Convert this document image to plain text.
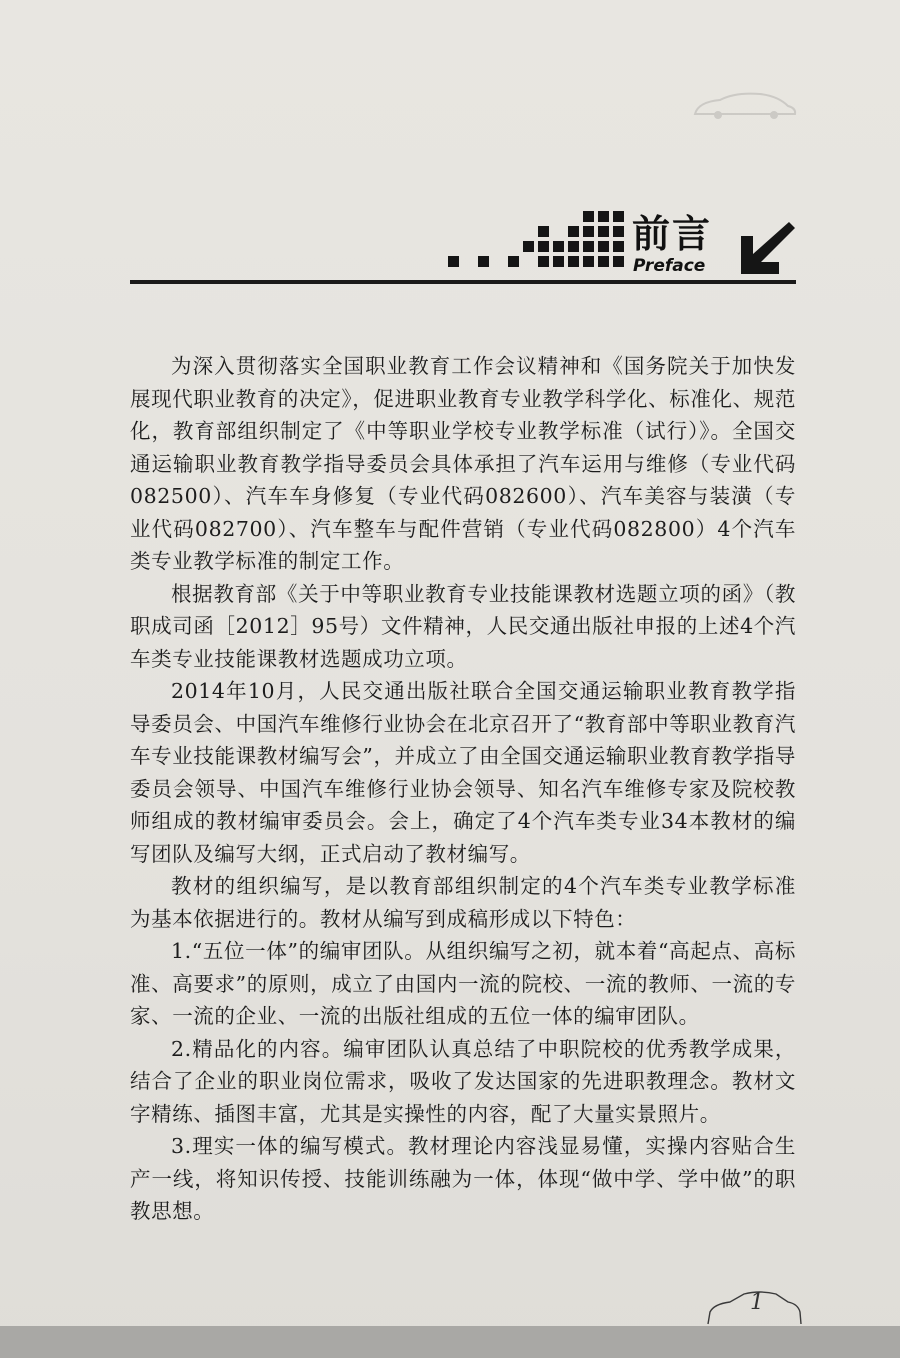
前言
Preface

为深入贯彻落实全国职业教育工作会议精神和《国务院关于加快发展现代职业教育的决定》，促进职业教育专业教学科学化、标准化、规范化，教育部组织制定了《中等职业学校专业教学标准（试行）》。全国交通运输职业教育教学指导委员会具体承担了汽车运用与维修（专业代码082500）、汽车车身修复（专业代码082600）、汽车美容与装潢（专业代码082700）、汽车整车与配件营销（专业代码082800）4个汽车类专业教学标准的制定工作。

根据教育部《关于中等职业教育专业技能课教材选题立项的函》（教职成司函［2012］95号）文件精神，人民交通出版社申报的上述4个汽车类专业技能课教材选题成功立项。

2014年10月，人民交通出版社联合全国交通运输职业教育教学指导委员会、中国汽车维修行业协会在北京召开了“教育部中等职业教育汽车专业技能课教材编写会”，并成立了由全国交通运输职业教育教学指导委员会领导、中国汽车维修行业协会领导、知名汽车维修专家及院校教师组成的教材编审委员会。会上，确定了4个汽车类专业34本教材的编写团队及编写大纲，正式启动了教材编写。

教材的组织编写，是以教育部组织制定的4个汽车类专业教学标准为基本依据进行的。教材从编写到成稿形成以下特色：

1.“五位一体”的编审团队。从组织编写之初，就本着“高起点、高标准、高要求”的原则，成立了由国内一流的院校、一流的教师、一流的专家、一流的企业、一流的出版社组成的五位一体的编审团队。

2.精品化的内容。编审团队认真总结了中职院校的优秀教学成果，结合了企业的职业岗位需求，吸收了发达国家的先进职教理念。教材文字精练、插图丰富，尤其是实操性的内容，配了大量实景照片。

3.理实一体的编写模式。教材理论内容浅显易懂，实操内容贴合生产一线，将知识传授、技能训练融为一体，体现“做中学、学中做”的职教思想。

1
